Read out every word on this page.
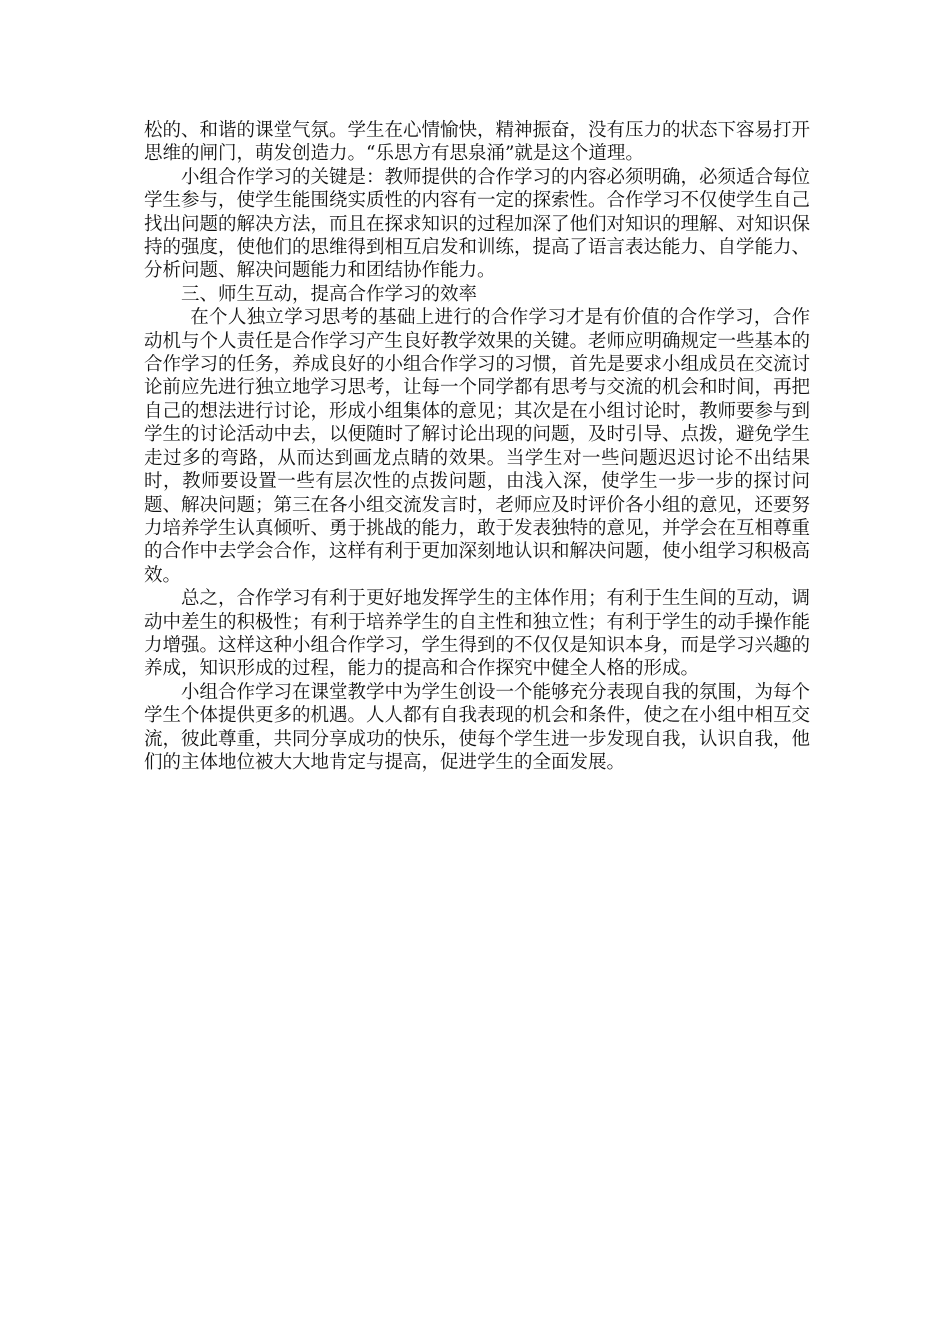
松的、和谐的课堂气氛。学生在心情愉快，精神振奋，没有压力的状态下容易打开思维的闸门，萌发创造力。“乐思方有思泉涌”就是这个道理。

小组合作学习的关键是：教师提供的合作学习的内容必须明确，必须适合每位学生参与，使学生能围绕实质性的内容有一定的探索性。合作学习不仅使学生自己找出问题的解决方法，而且在探求知识的过程加深了他们对知识的理解、对知识保持的强度，使他们的思维得到相互启发和训练，提高了语言表达能力、自学能力、分析问题、解决问题能力和团结协作能力。

三、师生互动，提高合作学习的效率

在个人独立学习思考的基础上进行的合作学习才是有价值的合作学习，合作动机与个人责任是合作学习产生良好教学效果的关键。老师应明确规定一些基本的合作学习的任务，养成良好的小组合作学习的习惯，首先是要求小组成员在交流讨论前应先进行独立地学习思考，让每一个同学都有思考与交流的机会和时间，再把自己的想法进行讨论，形成小组集体的意见；其次是在小组讨论时，教师要参与到学生的讨论活动中去，以便随时了解讨论出现的问题，及时引导、点拨，避免学生走过多的弯路，从而达到画龙点睛的效果。当学生对一些问题迟迟讨论不出结果时，教师要设置一些有层次性的点拨问题，由浅入深，使学生一步一步的探讨问题、解决问题；第三在各小组交流发言时，老师应及时评价各小组的意见，还要努力培养学生认真倾听、勇于挑战的能力，敢于发表独特的意见，并学会在互相尊重的合作中去学会合作，这样有利于更加深刻地认识和解决问题，使小组学习积极高效。

总之，合作学习有利于更好地发挥学生的主体作用；有利于生生间的互动，调动中差生的积极性；有利于培养学生的自主性和独立性；有利于学生的动手操作能力增强。这样这种小组合作学习，学生得到的不仅仅是知识本身，而是学习兴趣的养成，知识形成的过程，能力的提高和合作探究中健全人格的形成。

小组合作学习在课堂教学中为学生创设一个能够充分表现自我的氛围，为每个学生个体提供更多的机遇。人人都有自我表现的机会和条件，使之在小组中相互交流，彼此尊重，共同分享成功的快乐，使每个学生进一步发现自我，认识自我，他们的主体地位被大大地肯定与提高，促进学生的全面发展。
